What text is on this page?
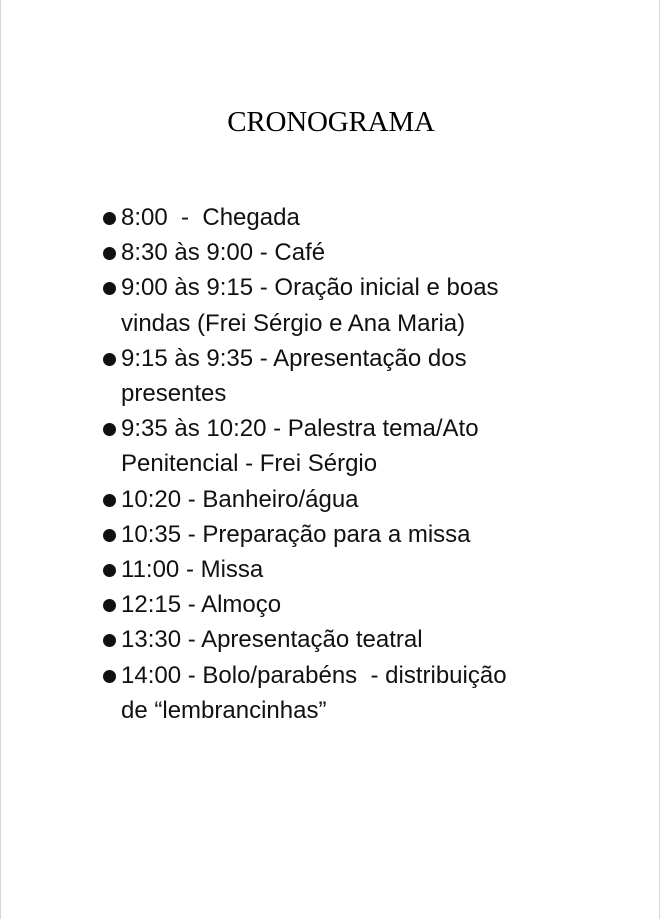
CRONOGRAMA
8:00  -  Chegada
8:30 às 9:00 - Café
9:00 às 9:15 - Oração inicial e boas
vindas (Frei Sérgio e Ana Maria)
9:15 às 9:35 - Apresentação dos
presentes
9:35 às 10:20 - Palestra tema/Ato
Penitencial - Frei Sérgio
10:20 - Banheiro/água
10:35 - Preparação para a missa
11:00 - Missa
12:15 - Almoço
13:30 - Apresentação teatral
14:00 - Bolo/parabéns  - distribuição
de “lembrancinhas”
